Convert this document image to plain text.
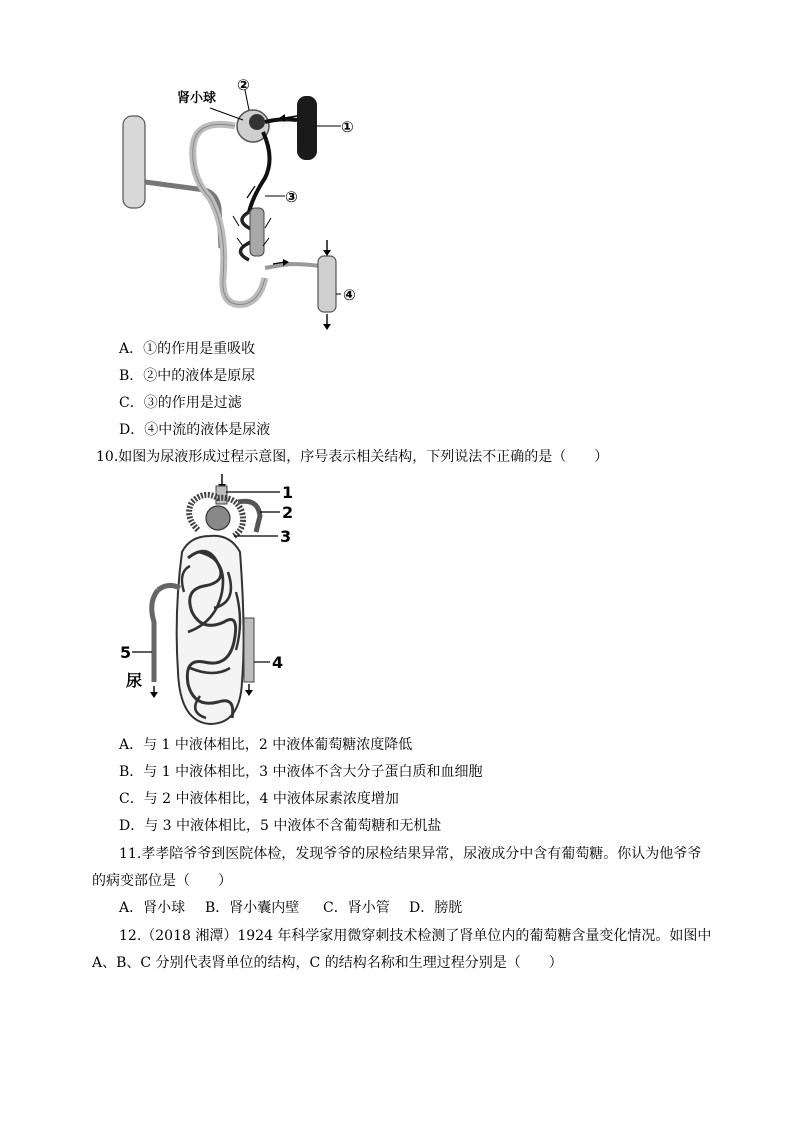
肾小球
②
①
③
④
A．①的作用是重吸收
B．②中的液体是原尿
C．③的作用是过滤
D．④中流的液体是尿液
10.如图为尿液形成过程示意图，序号表示相关结构，下列说法不正确的是（　　）
1
2
3
4
5
尿
A．与 1 中液体相比，2 中液体葡萄糖浓度降低
B．与 1 中液体相比，3 中液体不含大分子蛋白质和血细胞
C．与 2 中液体相比，4 中液体尿素浓度增加
D．与 3 中液体相比，5 中液体不含葡萄糖和无机盐
11.孝孝陪爷爷到医院体检，发现爷爷的尿检结果异常，尿液成分中含有葡萄糖。你认为他爷爷
的病变部位是（　　）
A．肾小球 B．肾小囊内壁 C．肾小管 D．膀胱
12.（2018 湘潭）1924 年科学家用微穿刺技术检测了肾单位内的葡萄糖含量变化情况。如图中
A、B、C 分别代表肾单位的结构，C 的结构名称和生理过程分别是（　　）
